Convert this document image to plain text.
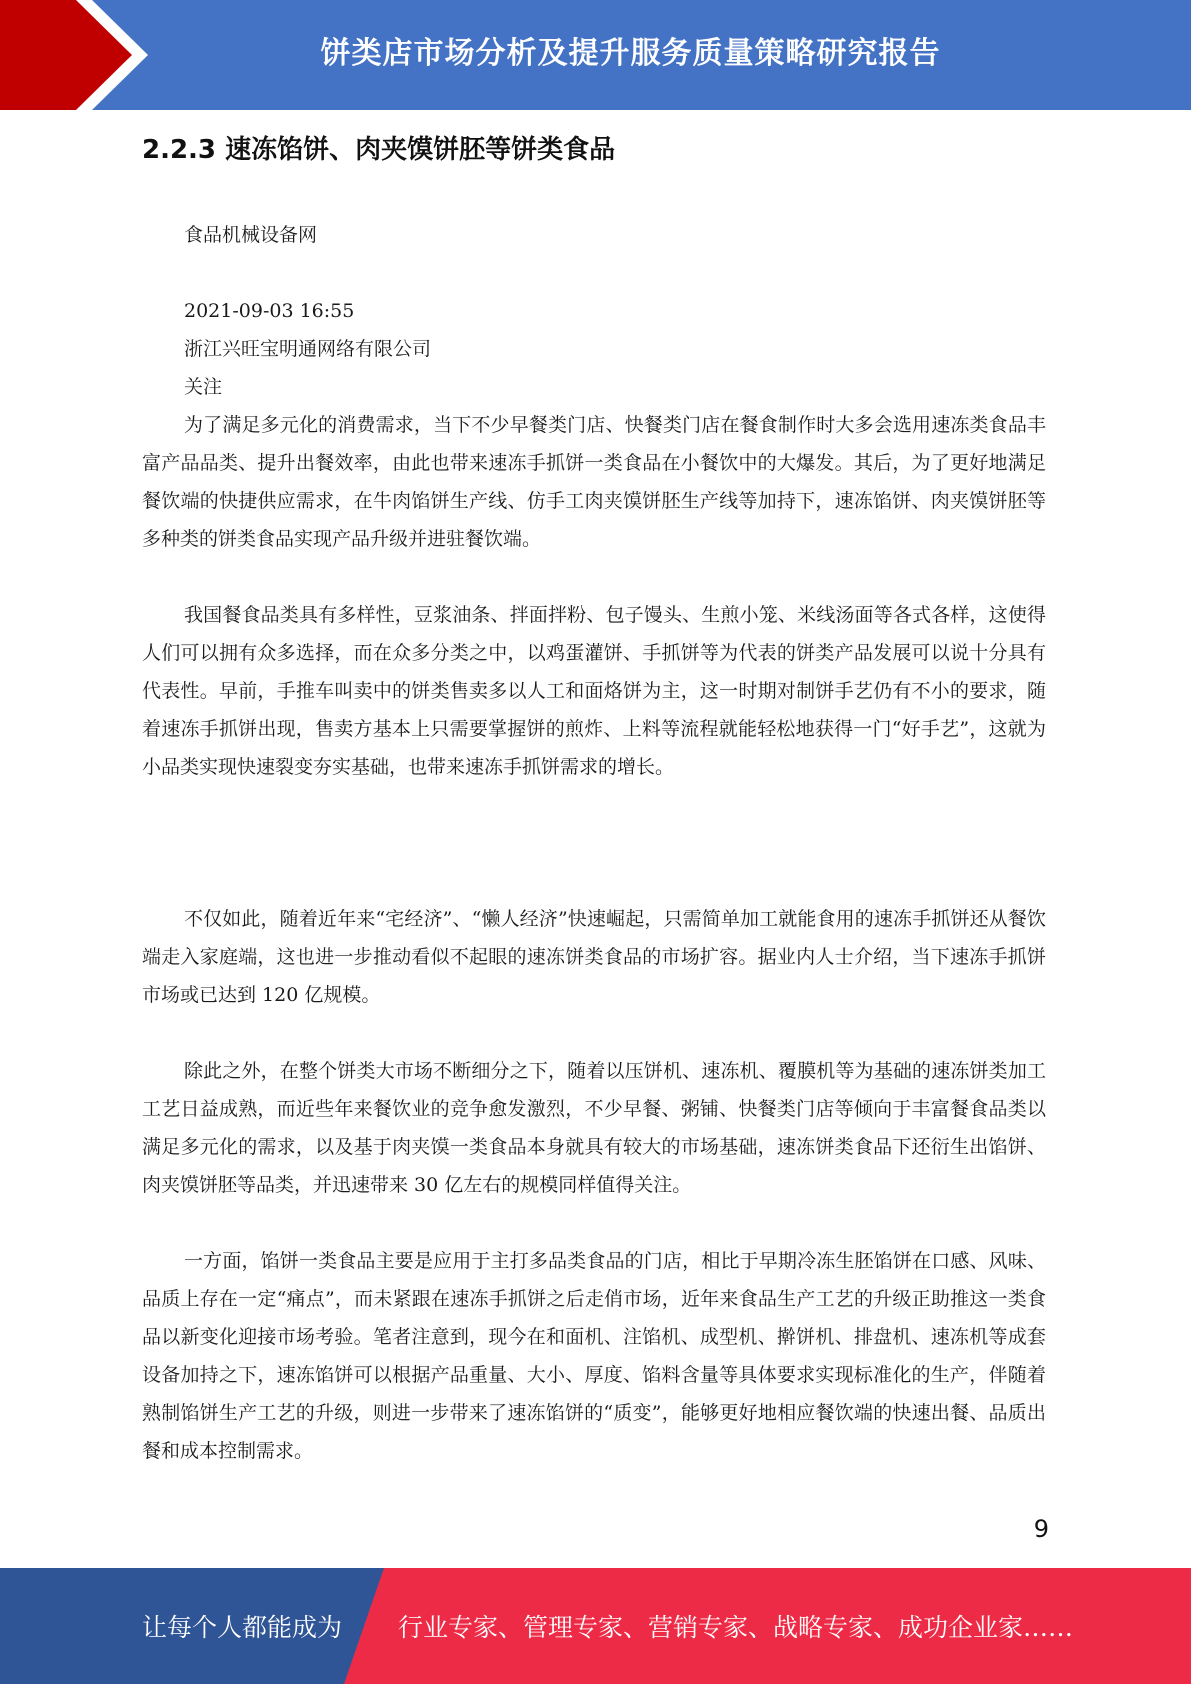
饼类店市场分析及提升服务质量策略研究报告
2.2.3 速冻馅饼、肉夹馍饼胚等饼类食品

食品机械设备网

2021-09-03 16:55

浙江兴旺宝明通网络有限公司

关注

为了满足多元化的消费需求，当下不少早餐类门店、快餐类门店在餐食制作时大多会选用速冻类食品丰富产品品类、提升出餐效率，由此也带来速冻手抓饼一类食品在小餐饮中的大爆发。其后，为了更好地满足餐饮端的快捷供应需求，在牛肉馅饼生产线、仿手工肉夹馍饼胚生产线等加持下，速冻馅饼、肉夹馍饼胚等多种类的饼类食品实现产品升级并进驻餐饮端。

我国餐食品类具有多样性，豆浆油条、拌面拌粉、包子馒头、生煎小笼、米线汤面等各式各样，这使得人们可以拥有众多选择，而在众多分类之中，以鸡蛋灌饼、手抓饼等为代表的饼类产品发展可以说十分具有代表性。早前，手推车叫卖中的饼类售卖多以人工和面烙饼为主，这一时期对制饼手艺仍有不小的要求，随着速冻手抓饼出现，售卖方基本上只需要掌握饼的煎炸、上料等流程就能轻松地获得一门“好手艺”，这就为小品类实现快速裂变夯实基础，也带来速冻手抓饼需求的增长。

不仅如此，随着近年来“宅经济”、“懒人经济”快速崛起，只需简单加工就能食用的速冻手抓饼还从餐饮端走入家庭端，这也进一步推动看似不起眼的速冻饼类食品的市场扩容。据业内人士介绍，当下速冻手抓饼市场或已达到 120 亿规模。

除此之外，在整个饼类大市场不断细分之下，随着以压饼机、速冻机、覆膜机等为基础的速冻饼类加工工艺日益成熟，而近些年来餐饮业的竞争愈发激烈，不少早餐、粥铺、快餐类门店等倾向于丰富餐食品类以满足多元化的需求，以及基于肉夹馍一类食品本身就具有较大的市场基础，速冻饼类食品下还衍生出馅饼、肉夹馍饼胚等品类，并迅速带来 30 亿左右的规模同样值得关注。

一方面，馅饼一类食品主要是应用于主打多品类食品的门店，相比于早期冷冻生胚馅饼在口感、风味、品质上存在一定“痛点”，而未紧跟在速冻手抓饼之后走俏市场，近年来食品生产工艺的升级正助推这一类食品以新变化迎接市场考验。笔者注意到，现今在和面机、注馅机、成型机、擀饼机、排盘机、速冻机等成套设备加持之下，速冻馅饼可以根据产品重量、大小、厚度、馅料含量等具体要求实现标准化的生产，伴随着熟制馅饼生产工艺的升级，则进一步带来了速冻馅饼的“质变”，能够更好地相应餐饮端的快速出餐、品质出餐和成本控制需求。

9
让每个人都能成为 行业专家、管理专家、营销专家、战略专家、成功企业家……
